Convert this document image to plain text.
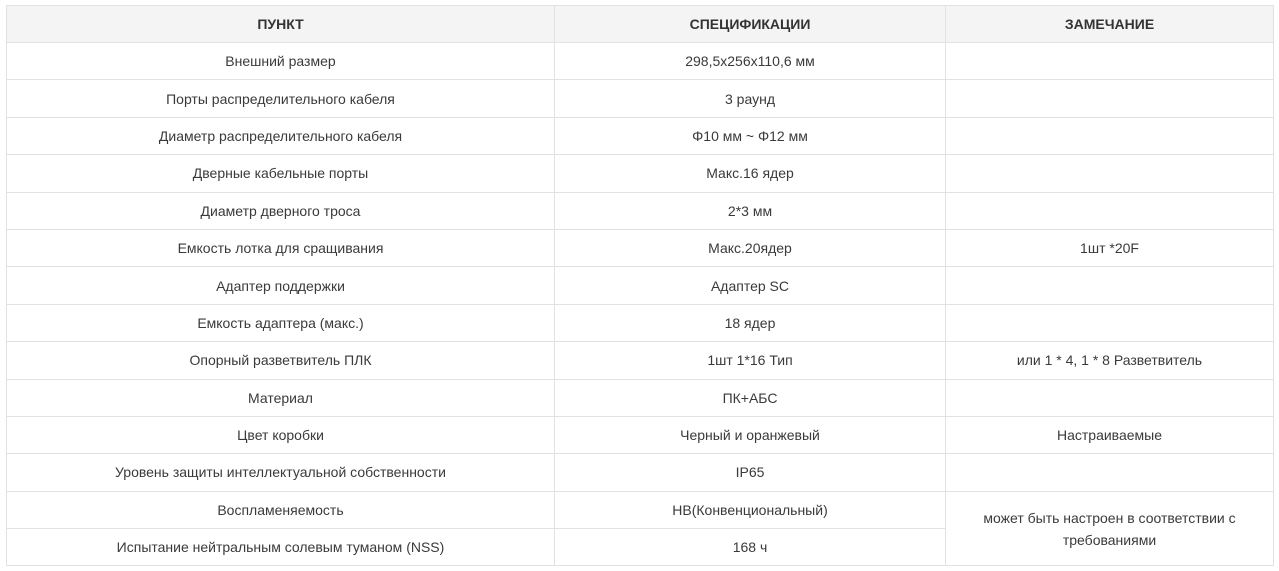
ПУНКТ	СПЕЦИФИКАЦИИ	ЗАМЕЧАНИЕ
Внешний размер	298,5x256x110,6 мм	
Порты распределительного кабеля	3 раунд	
Диаметр распределительного кабеля	Φ10 мм ~ Φ12 мм	
Дверные кабельные порты	Макс.16 ядер	
Диаметр дверного троса	2*3 мм	
Емкость лотка для сращивания	Макс.20ядер	1шт *20F
Адаптер поддержки	Адаптер SC	
Емкость адаптера (макс.)	18 ядер	
Опорный разветвитель ПЛК	1шт 1*16 Тип	или 1 * 4, 1 * 8 Разветвитель
Материал	ПК+АБС	
Цвет коробки	Черный и оранжевый	Настраиваемые
Уровень защиты интеллектуальной собственности	IP65	
Воспламеняемость	HB(Конвенциональный)	может быть настроен в соответствии с требованиями
Испытание нейтральным солевым туманом (NSS)	168 ч	
